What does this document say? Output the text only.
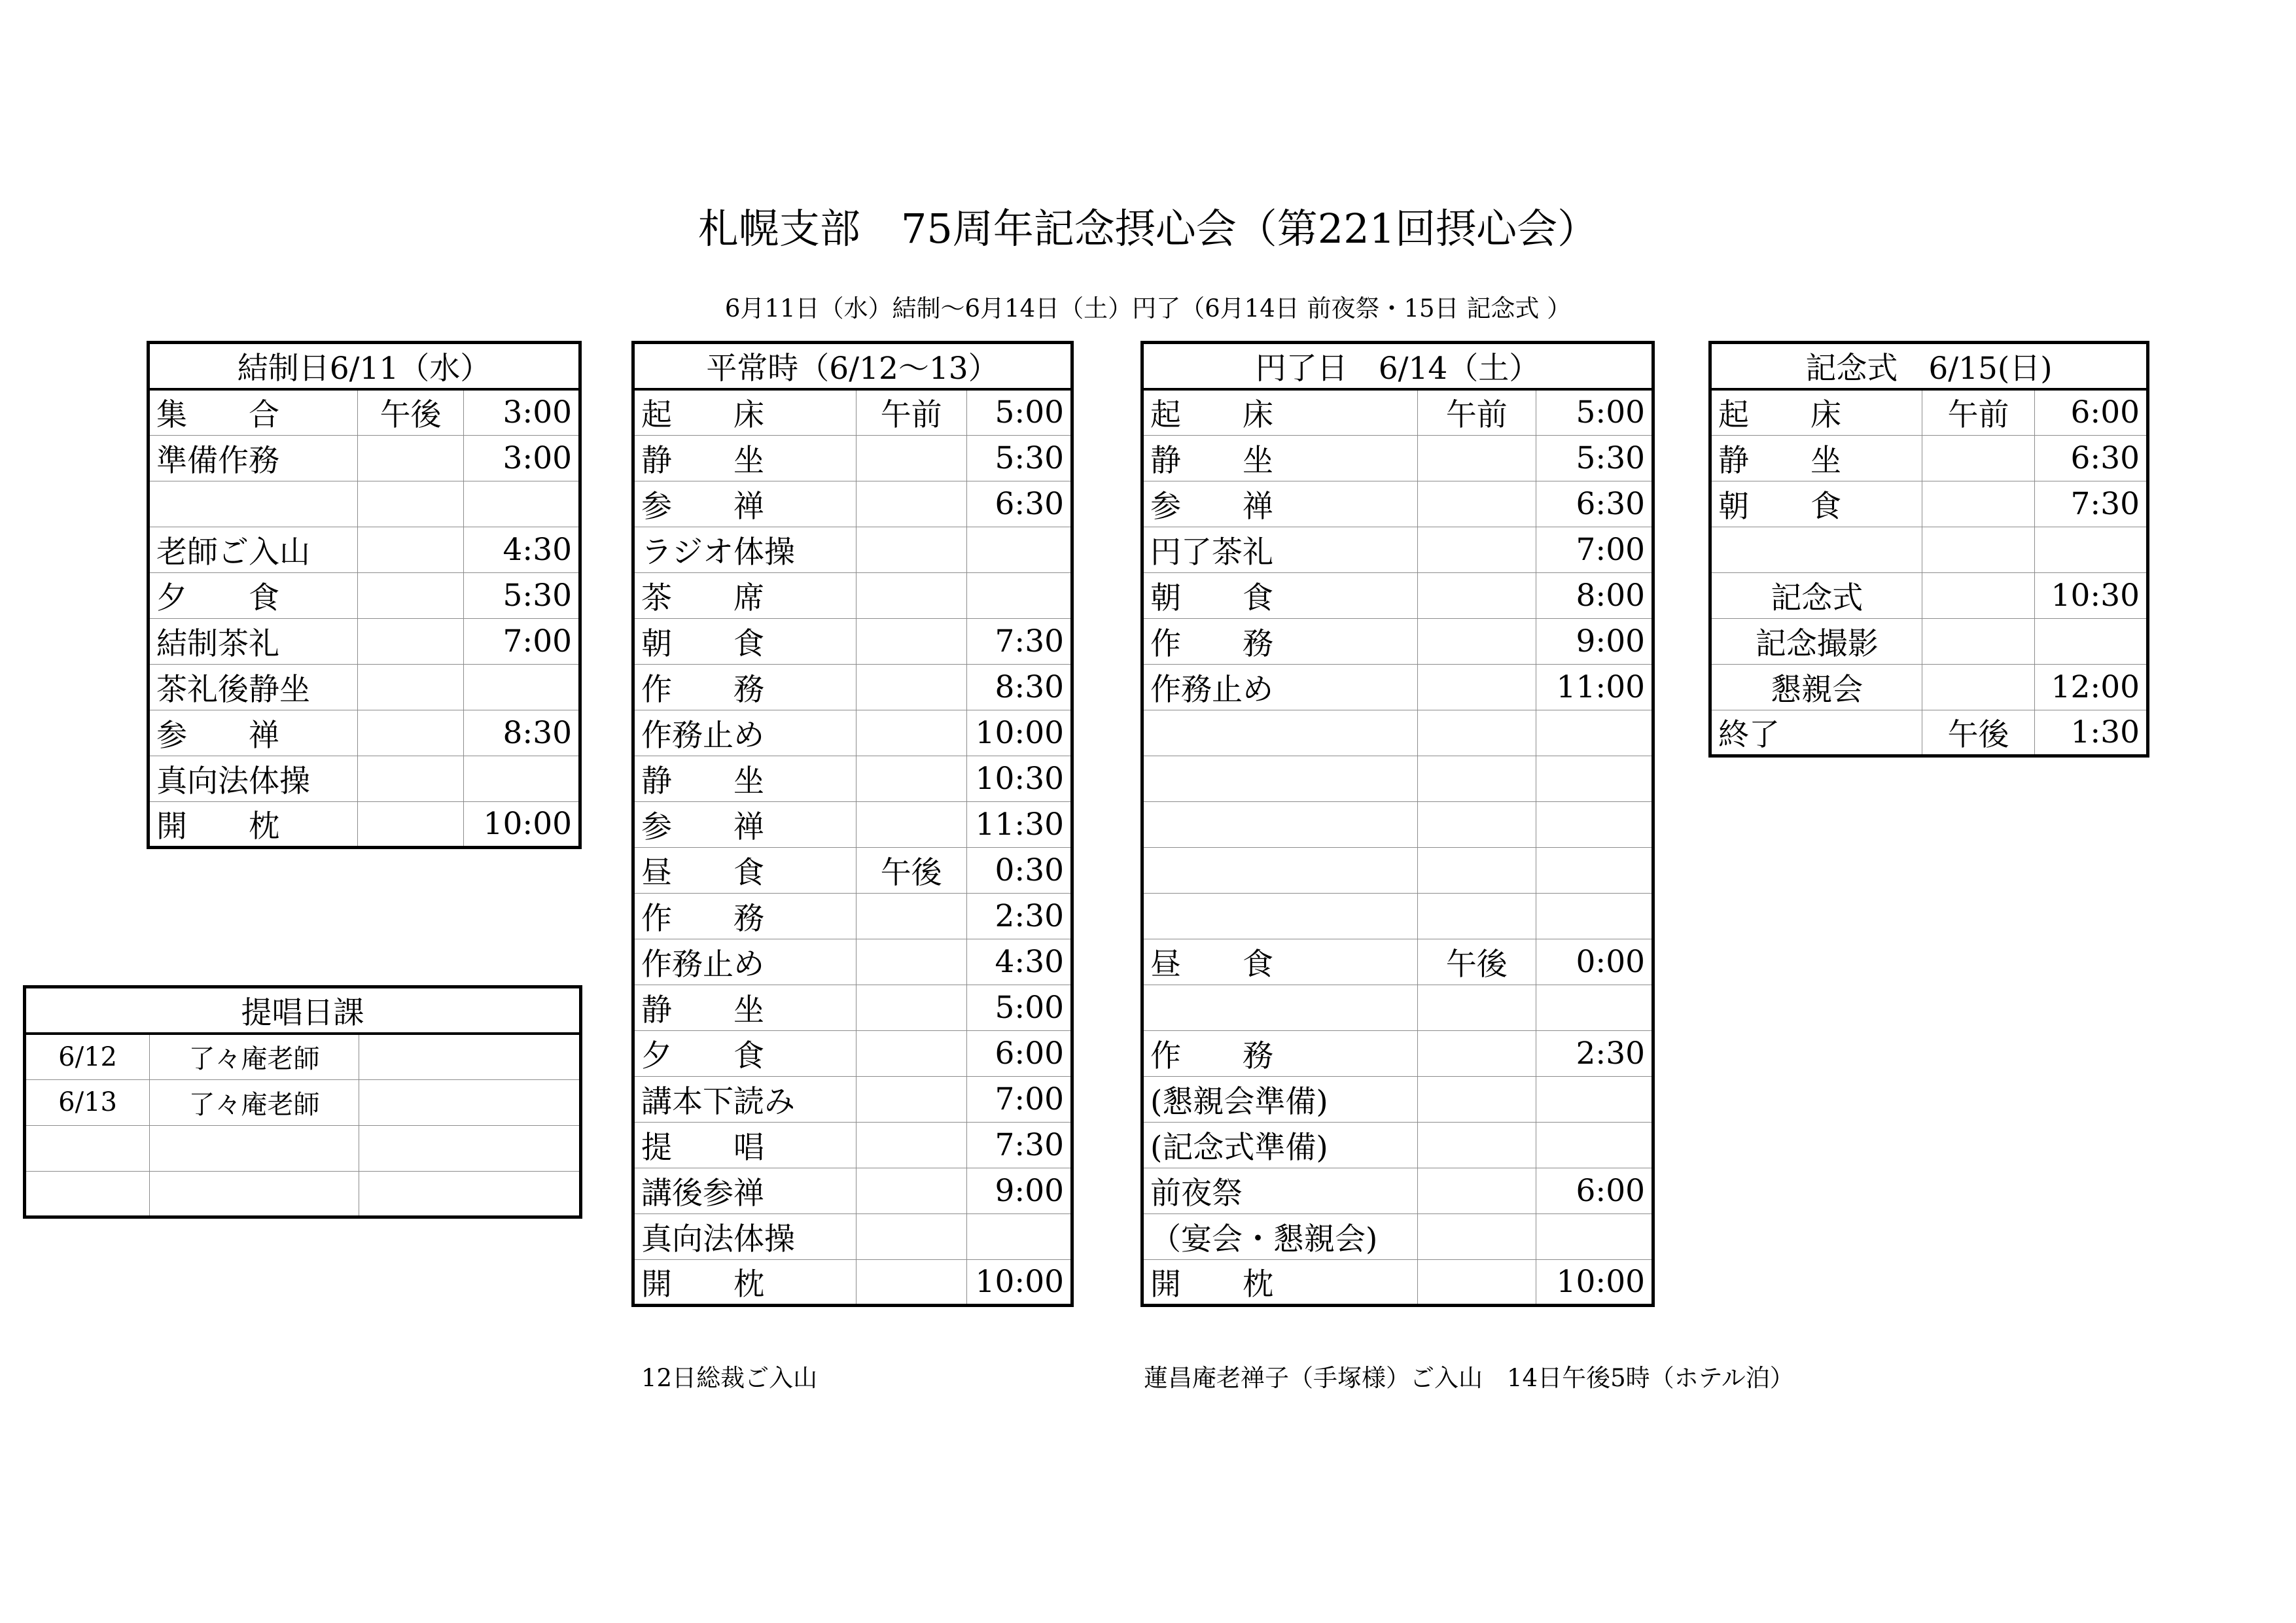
札幌支部　75周年記念摂心会（第221回摂心会）
6月11日（水）結制～6月14日（土）円了（6月14日 前夜祭・15日 記念式 ）
結制日6/11（水）		
集　　合	午後	3:00
準備作務		3:00

老師ご入山		4:30
夕　　食		5:30
結制茶礼		7:00
茶礼後静坐		
参　　禅		8:30
真向法体操		
開　　枕		10:00
平常時（6/12～13）		
起　　床	午前	5:00
静　　坐		5:30
参　　禅		6:30
ラジオ体操		
茶　　席		
朝　　食		7:30
作　　務		8:30
作務止め		10:00
静　　坐		10:30
参　　禅		11:30
昼　　食	午後	0:30
作　　務		2:30
作務止め		4:30
静　　坐		5:00
夕　　食		6:00
講本下読み		7:00
提　　唱		7:30
講後参禅		9:00
真向法体操		
開　　枕		10:00
円了日　6/14（土）		
起　　床	午前	5:00
静　　坐		5:30
参　　禅		6:30
円了茶礼		7:00
朝　　食		8:00
作　　務		9:00
作務止め		11:00

昼　　食	午後	0:00

作　　務		2:30
(懇親会準備)		
(記念式準備)		
前夜祭		6:00
（宴会・懇親会)		
開　　枕		10:00
記念式　6/15(日)		
起　　床	午前	6:00
静　　坐		6:30
朝　　食		7:30

記念式		10:30
記念撮影		
懇親会		12:00
終了	午後	1:30
提唱日課		
6/12	了々庵老師	
6/13	了々庵老師	

12日総裁ご入山	蓮昌庵老禅子（手塚様）ご入山　14日午後5時（ホテル泊）
